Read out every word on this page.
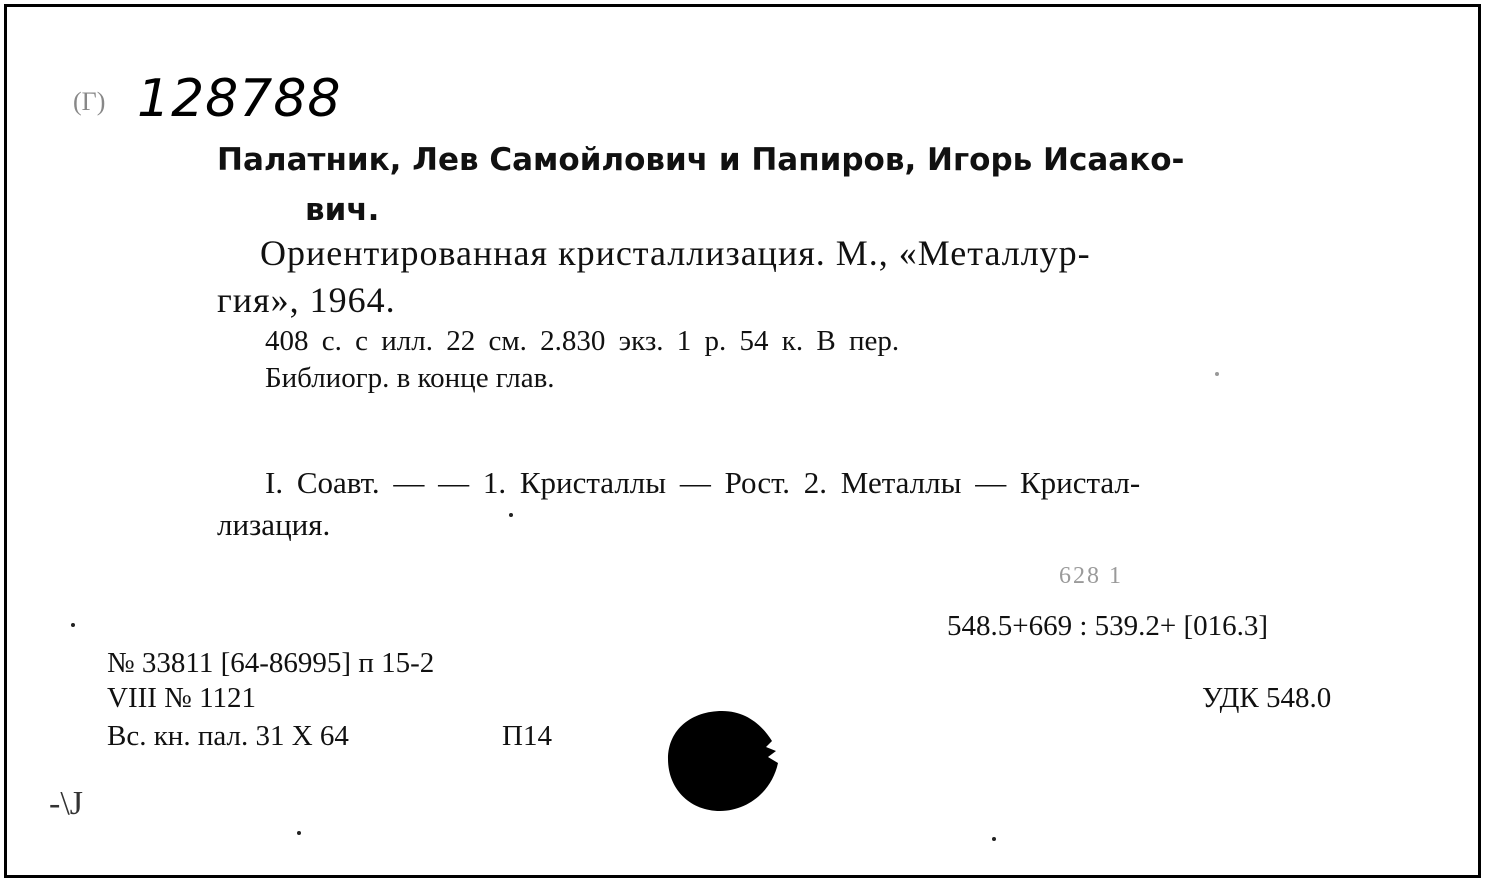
(Г) 128788
Палатник, Лев Самойлович и Папиров, Игорь Исаако-
вич.
Ориентированная кристаллизация. М., «Металлур-
гия», 1964.
408 с. с илл. 22 см. 2.830 экз. 1 р. 54 к. В пер.
Библиогр. в конце глав.
I. Соавт. — — 1. Кристаллы — Рост. 2. Металлы — Кристал-
лизация.
628 1
548.5+669 : 539.2+ [016.3]
УДК 548.0
№ 33811 [64-86995] п 15-2
VIII № 1121
Вс. кн. пал. 31 X 64	П14
-\J
